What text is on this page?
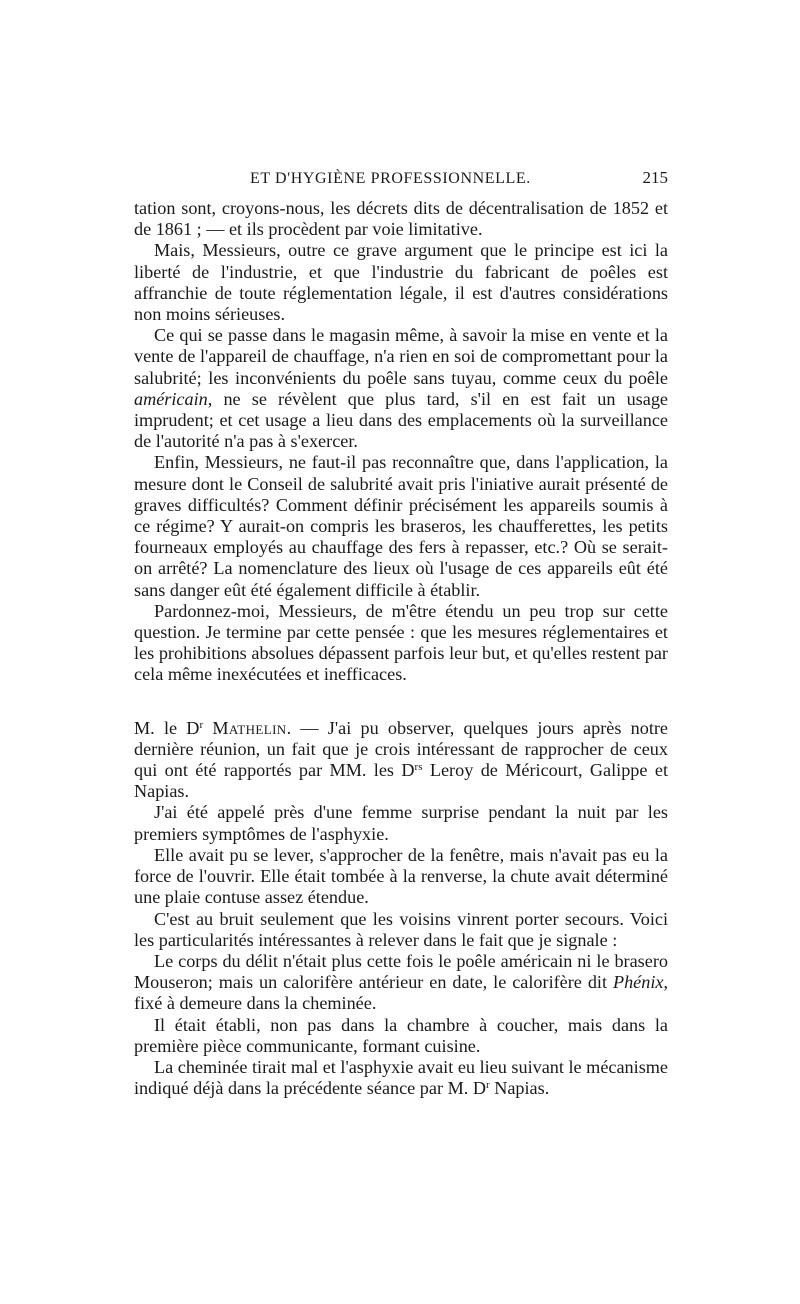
ET D'HYGIÈNE PROFESSIONNELLE.	215

tation sont, croyons-nous, les décrets dits de décentralisation de 1852 et de 1861 ; — et ils procèdent par voie limitative.

Mais, Messieurs, outre ce grave argument que le principe est ici la liberté de l'industrie, et que l'industrie du fabricant de poêles est affranchie de toute réglementation légale, il est d'autres considérations non moins sérieuses.

Ce qui se passe dans le magasin même, à savoir la mise en vente et la vente de l'appareil de chauffage, n'a rien en soi de compromettant pour la salubrité; les inconvénients du poêle sans tuyau, comme ceux du poêle américain, ne se révèlent que plus tard, s'il en est fait un usage imprudent; et cet usage a lieu dans des emplacements où la surveillance de l'autorité n'a pas à s'exercer.

Enfin, Messieurs, ne faut-il pas reconnaître que, dans l'application, la mesure dont le Conseil de salubrité avait pris l'iniative aurait présenté de graves difficultés? Comment définir précisément les appareils soumis à ce régime? Y aurait-on compris les braseros, les chaufferettes, les petits fourneaux employés au chauffage des fers à repasser, etc.? Où se serait-on arrêté? La nomenclature des lieux où l'usage de ces appareils eût été sans danger eût été également difficile à établir.

Pardonnez-moi, Messieurs, de m'être étendu un peu trop sur cette question. Je termine par cette pensée : que les mesures réglementaires et les prohibitions absolues dépassent parfois leur but, et qu'elles restent par cela même inexécutées et inefficaces.

M. le $D^r$ Mathelin. — J'ai pu observer, quelques jours après notre dernière réunion, un fait que je crois intéressant de rapprocher de ceux qui ont été rapportés par MM. les $D^{rs}$ Leroy de Méricourt, Galippe et Napias.

J'ai été appelé près d'une femme surprise pendant la nuit par les premiers symptômes de l'asphyxie.

Elle avait pu se lever, s'approcher de la fenêtre, mais n'avait pas eu la force de l'ouvrir. Elle était tombée à la renverse, la chute avait déterminé une plaie contuse assez étendue.

C'est au bruit seulement que les voisins vinrent porter secours. Voici les particularités intéressantes à relever dans le fait que je signale :

Le corps du délit n'était plus cette fois le poêle américain ni le brasero Mouseron; mais un calorifère antérieur en date, le calorifère dit Phénix, fixé à demeure dans la cheminée.

Il était établi, non pas dans la chambre à coucher, mais dans la première pièce communicante, formant cuisine.

La cheminée tirait mal et l'asphyxie avait eu lieu suivant le mécanisme indiqué déjà dans la précédente séance par M. $D^r$ Napias.
